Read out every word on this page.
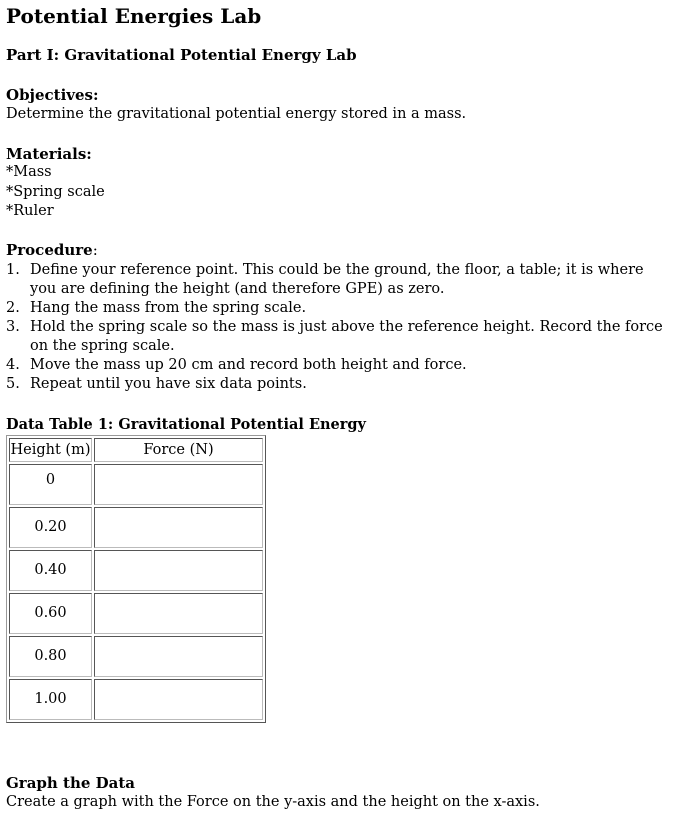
Potential Energies Lab

Part I: Gravitational Potential Energy Lab

Objectives:

Determine the gravitational potential energy stored in a mass.

Materials:

*Mass
*Spring scale
*Ruler

Procedure:

1. Define your reference point. This could be the ground, the floor, a table; it is where you are defining the height (and therefore GPE) as zero.
2. Hang the mass from the spring scale.
3. Hold the spring scale so the mass is just above the reference height. Record the force on the spring scale.
4. Move the mass up 20 cm and record both height and force.
5. Repeat until you have six data points.

Data Table 1: Gravitational Potential Energy

Height (m)	Force (N)
0	
0.20	
0.40	
0.60	
0.80	
1.00	

Graph the Data

Create a graph with the Force on the y-axis and the height on the x-axis.
